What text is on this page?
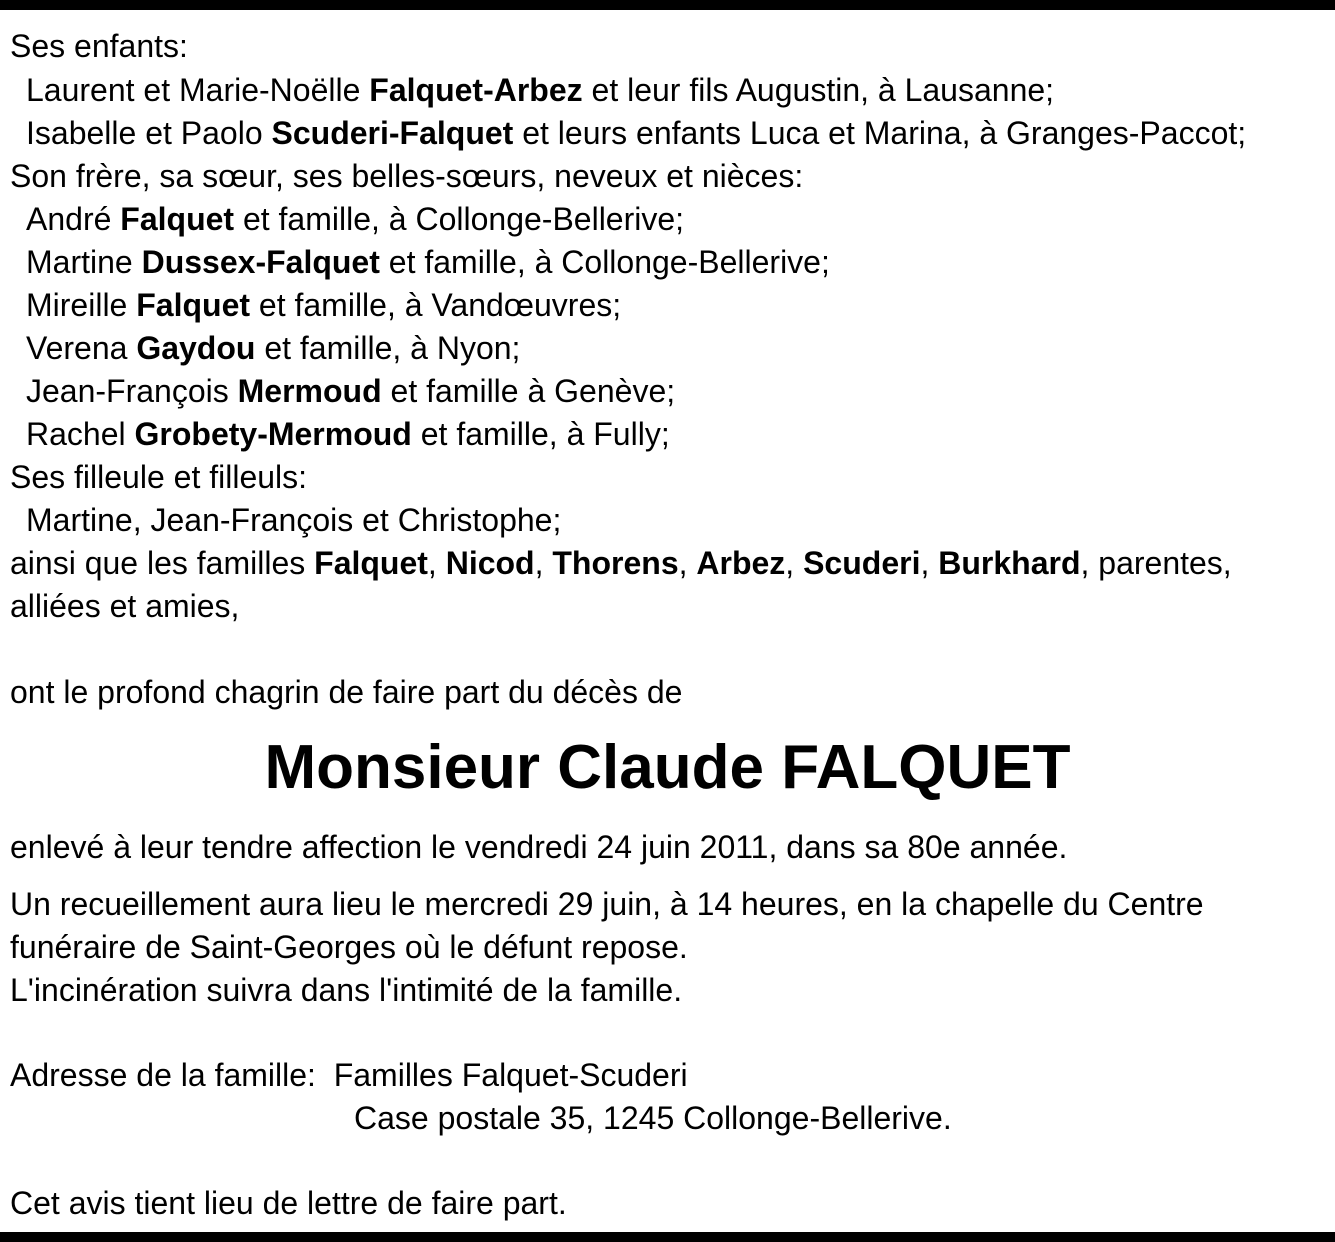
Ses enfants:
Laurent et Marie-Noëlle Falquet-Arbez et leur fils Augustin, à Lausanne;
Isabelle et Paolo Scuderi-Falquet et leurs enfants Luca et Marina, à Granges-Paccot;
Son frère, sa sœur, ses belles-sœurs, neveux et nièces:
André Falquet et famille, à Collonge-Bellerive;
Martine Dussex-Falquet et famille, à Collonge-Bellerive;
Mireille Falquet et famille, à Vandœuvres;
Verena Gaydou et famille, à Nyon;
Jean-François Mermoud et famille à Genève;
Rachel Grobety-Mermoud et famille, à Fully;
Ses filleule et filleuls:
Martine, Jean-François et Christophe;
ainsi que les familles Falquet, Nicod, Thorens, Arbez, Scuderi, Burkhard, parentes,
alliées et amies,
ont le profond chagrin de faire part du décès de
Monsieur Claude FALQUET
enlevé à leur tendre affection le vendredi 24 juin 2011, dans sa 80e année.
Un recueillement aura lieu le mercredi 29 juin, à 14 heures, en la chapelle du Centre
funéraire de Saint-Georges où le défunt repose.
L'incinération suivra dans l'intimité de la famille.
Adresse de la famille: Familles Falquet-Scuderi
Case postale 35, 1245 Collonge-Bellerive.
Cet avis tient lieu de lettre de faire part.
